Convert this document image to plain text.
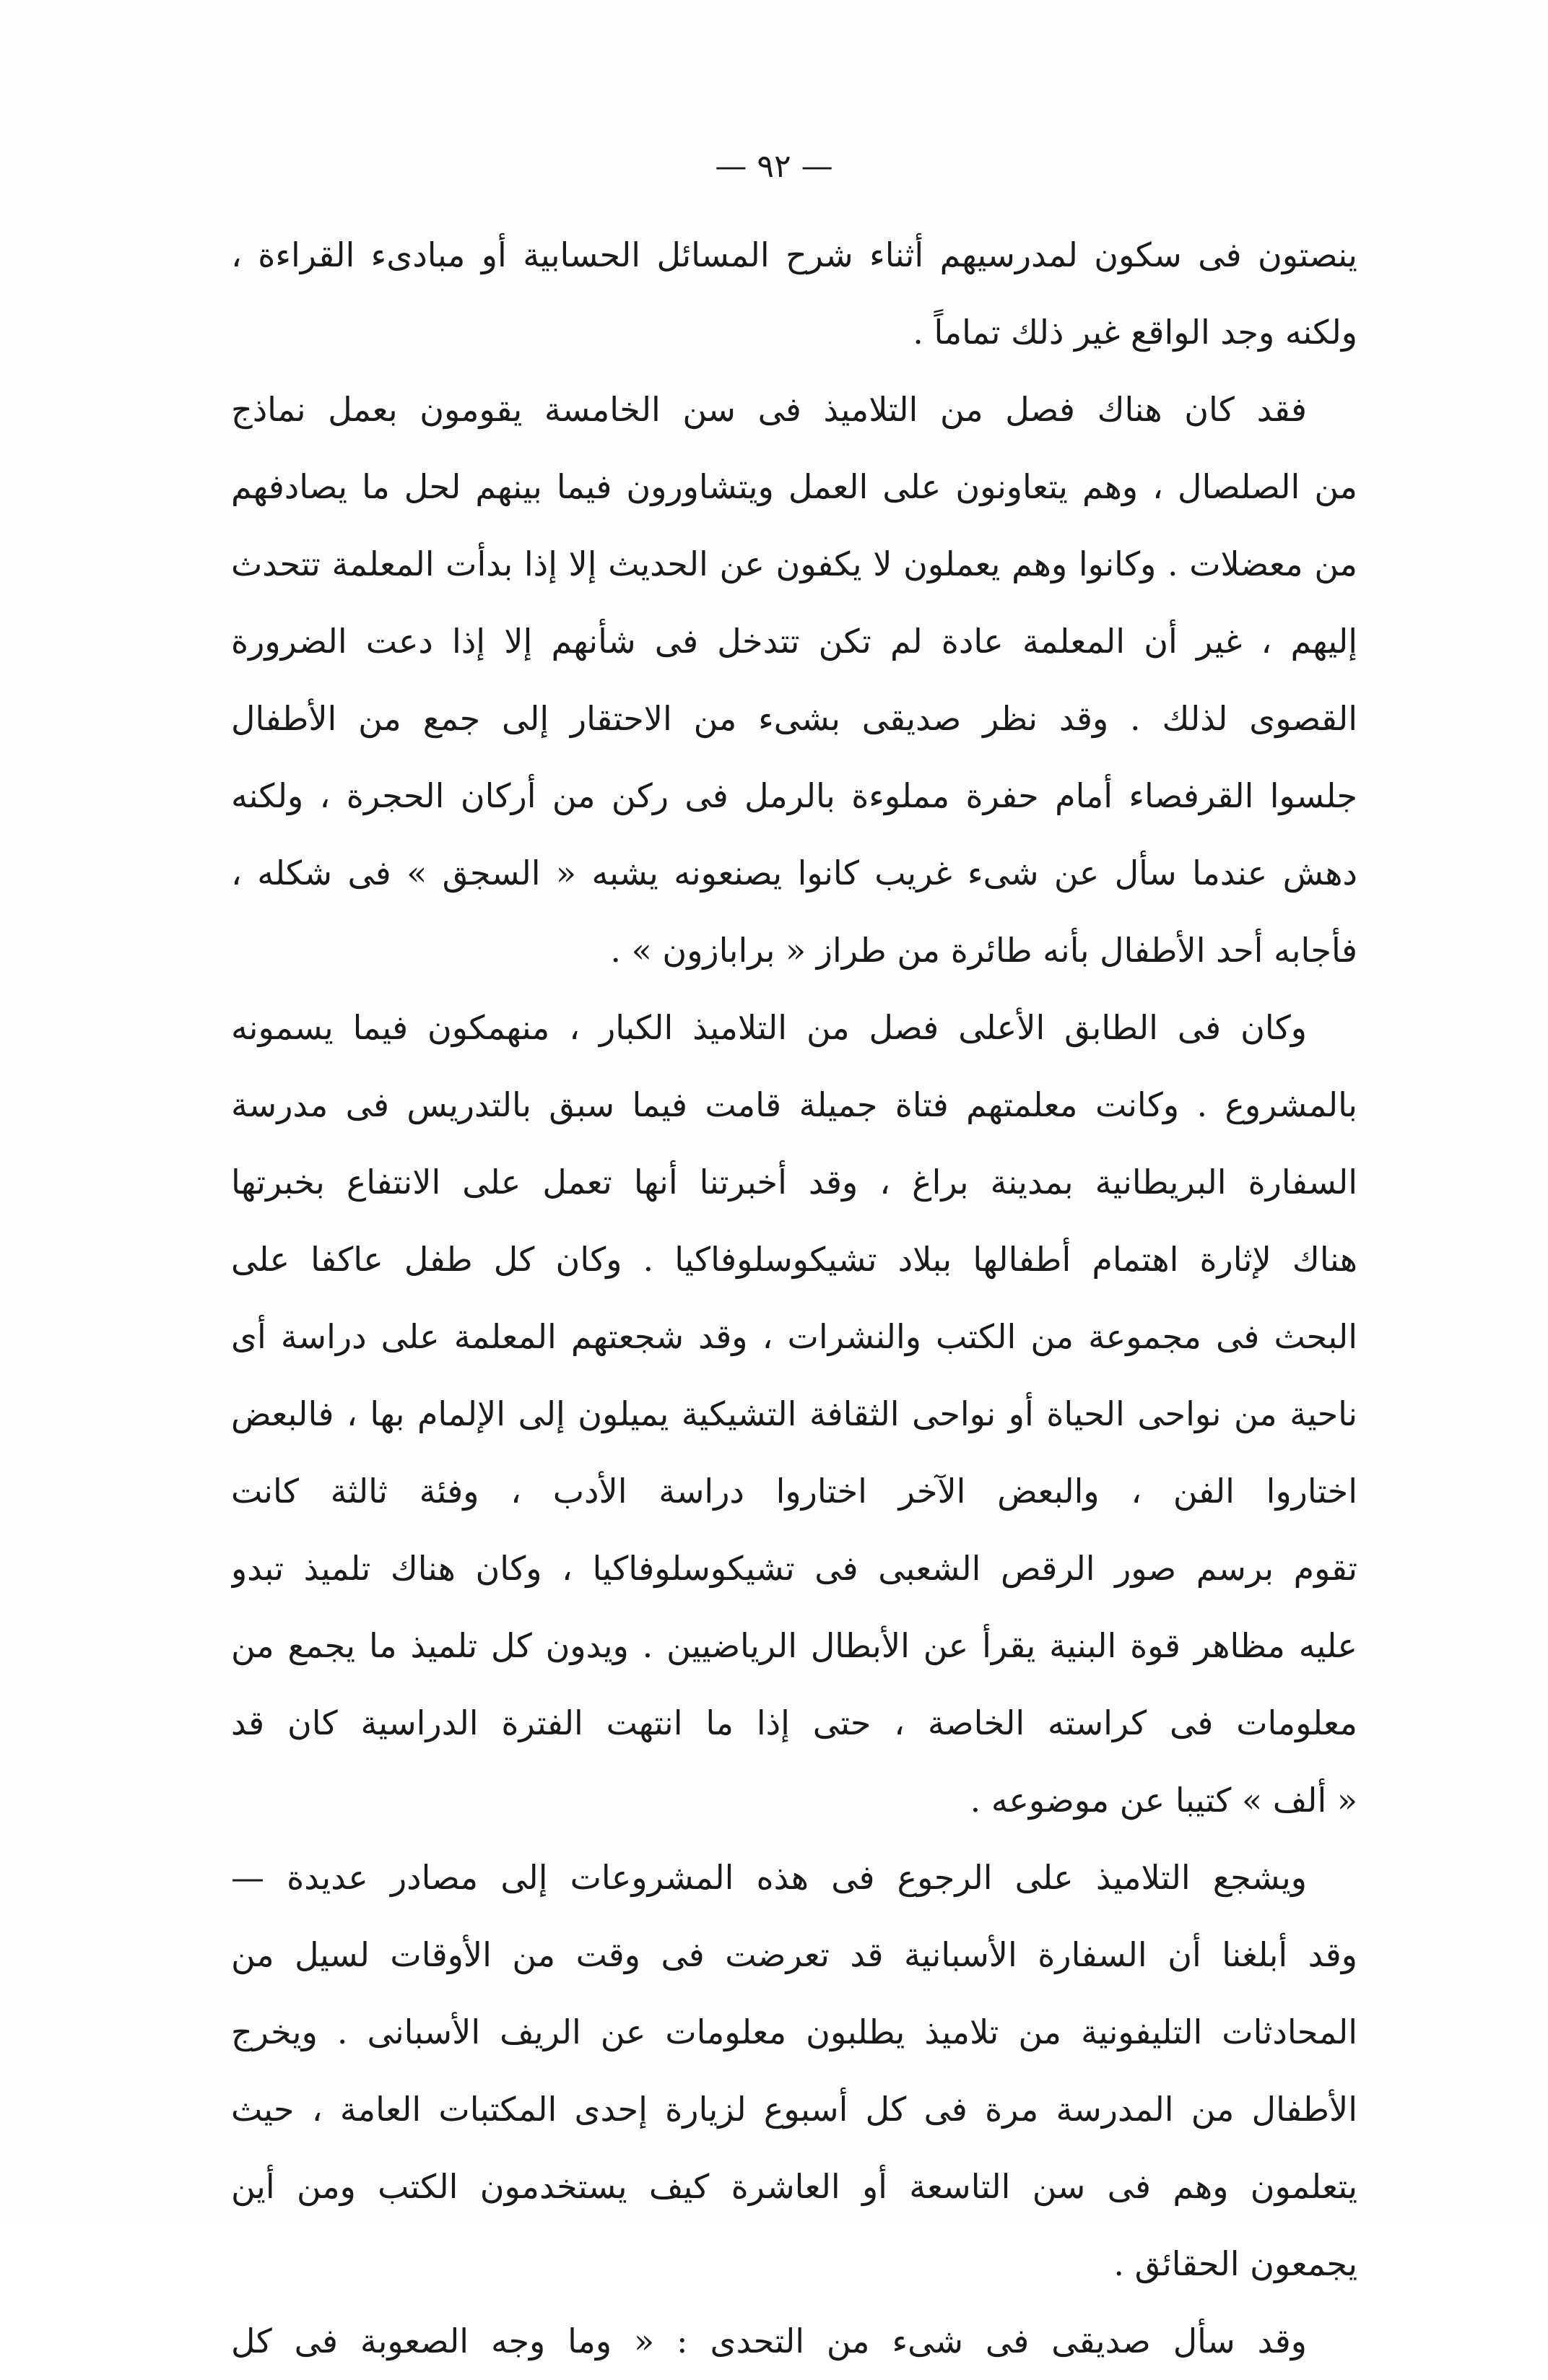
— ٩٢ —
ينصتون فى سكون لمدرسيهم أثناء شرح المسائل الحسابية أو مبادىء القراءة ،
ولكنه وجد الواقع غير ذلك تماماً .
فقد كان هناك فصل من التلاميذ فى سن الخامسة يقومون بعمل نماذج
من الصلصال ، وهم يتعاونون على العمل ويتشاورون فيما بينهم لحل ما يصادفهم
من معضلات . وكانوا وهم يعملون لا يكفون عن الحديث إلا إذا بدأت المعلمة تتحدث
إليهم ، غير أن المعلمة عادة لم تكن تتدخل فى شأنهم إلا إذا دعت الضرورة
القصوى لذلك . وقد نظر صديقى بشىء من الاحتقار إلى جمع من الأطفال
جلسوا القرفصاء أمام حفرة مملوءة بالرمل فى ركن من أركان الحجرة ، ولكنه
دهش عندما سأل عن شىء غريب كانوا يصنعونه يشبه « السجق » فى شكله ،
فأجابه أحد الأطفال بأنه طائرة من طراز « برابازون » .
وكان فى الطابق الأعلى فصل من التلاميذ الكبار ، منهمكون فيما يسمونه
بالمشروع . وكانت معلمتهم فتاة جميلة قامت فيما سبق بالتدريس فى مدرسة
السفارة البريطانية بمدينة براغ ، وقد أخبرتنا أنها تعمل على الانتفاع بخبرتها
هناك لإثارة اهتمام أطفالها ببلاد تشيكوسلوفاكيا . وكان كل طفل عاكفا على
البحث فى مجموعة من الكتب والنشرات ، وقد شجعتهم المعلمة على دراسة أى
ناحية من نواحى الحياة أو نواحى الثقافة التشيكية يميلون إلى الإلمام بها ، فالبعض
اختاروا الفن ، والبعض الآخر اختاروا دراسة الأدب ، وفئة ثالثة كانت
تقوم برسم صور الرقص الشعبى فى تشيكوسلوفاكيا ، وكان هناك تلميذ تبدو
عليه مظاهر قوة البنية يقرأ عن الأبطال الرياضيين . ويدون كل تلميذ ما يجمع من
معلومات فى كراسته الخاصة ، حتى إذا ما انتهت الفترة الدراسية كان قد
« ألف » كتيبا عن موضوعه .
ويشجع التلاميذ على الرجوع فى هذه المشروعات إلى مصادر عديدة —
وقد أبلغنا أن السفارة الأسبانية قد تعرضت فى وقت من الأوقات لسيل من
المحادثات التليفونية من تلاميذ يطلبون معلومات عن الريف الأسبانى . ويخرج
الأطفال من المدرسة مرة فى كل أسبوع لزيارة إحدى المكتبات العامة ، حيث
يتعلمون وهم فى سن التاسعة أو العاشرة كيف يستخدمون الكتب ومن أين
يجمعون الحقائق .
وقد سأل صديقى فى شىء من التحدى : « وما وجه الصعوبة فى كل
